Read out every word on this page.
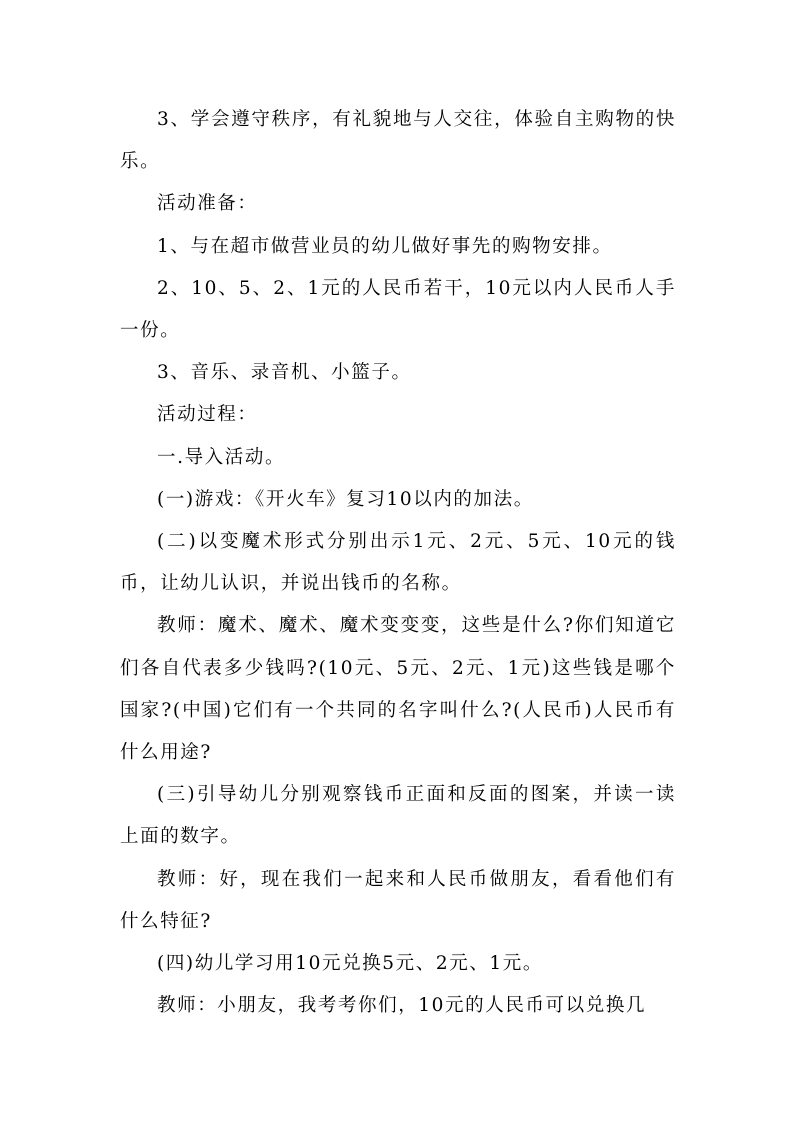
3、学会遵守秩序，有礼貌地与人交往，体验自主购物的快乐。

活动准备：

1、与在超市做营业员的幼儿做好事先的购物安排。

2、10、5、2、1元的人民币若干，10元以内人民币人手一份。

3、音乐、录音机、小篮子。

活动过程：

一.导入活动。

(一)游戏：《开火车》复习10以内的加法。

(二)以变魔术形式分别出示1元、2元、5元、10元的钱币，让幼儿认识，并说出钱币的名称。

教师：魔术、魔术、魔术变变变，这些是什么?你们知道它们各自代表多少钱吗?(10元、5元、2元、1元)这些钱是哪个国家?(中国)它们有一个共同的名字叫什么?(人民币)人民币有什么用途?

(三)引导幼儿分别观察钱币正面和反面的图案，并读一读上面的数字。

教师：好，现在我们一起来和人民币做朋友，看看他们有什么特征?

(四)幼儿学习用10元兑换5元、2元、1元。

教师：小朋友，我考考你们，10元的人民币可以兑换几
